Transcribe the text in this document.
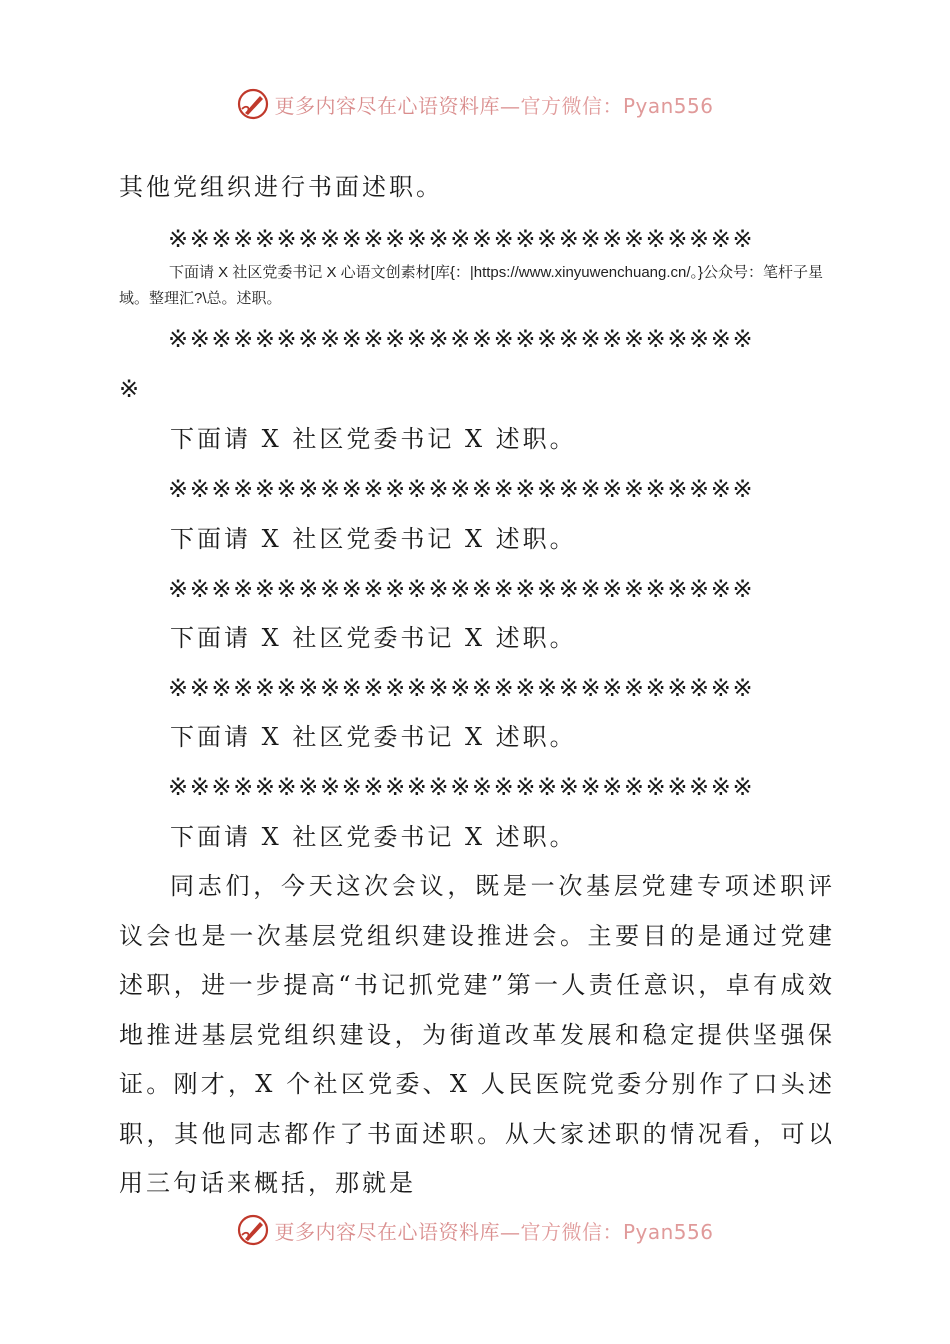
更多内容尽在心语资料库—官方微信：Pyan556
其他党组织进行书面述职。
※※※※※※※※※※※※※※※※※※※※※※※※※※※
下面请 X 社区党委书记 X 心语文创素材[库{：|https://www.xinyuwenchuang.cn/。}公众号：笔杆子星域。整理汇?\总。述职。
※※※※※※※※※※※※※※※※※※※※※※※※※※※
※
下面请 X 社区党委书记 X 述职。
※※※※※※※※※※※※※※※※※※※※※※※※※※※
下面请 X 社区党委书记 X 述职。
※※※※※※※※※※※※※※※※※※※※※※※※※※※
下面请 X 社区党委书记 X 述职。
※※※※※※※※※※※※※※※※※※※※※※※※※※※
下面请 X 社区党委书记 X 述职。
※※※※※※※※※※※※※※※※※※※※※※※※※※※
下面请 X 社区党委书记 X 述职。
同志们，今天这次会议，既是一次基层党建专项述职评议会也是一次基层党组织建设推进会。主要目的是通过党建述职，进一步提高“书记抓党建”第一人责任意识，卓有成效地推进基层党组织建设，为街道改革发展和稳定提供坚强保证。刚才，X 个社区党委、X 人民医院党委分别作了口头述职，其他同志都作了书面述职。从大家述职的情况看，可以用三句话来概括，那就是
更多内容尽在心语资料库—官方微信：Pyan556
